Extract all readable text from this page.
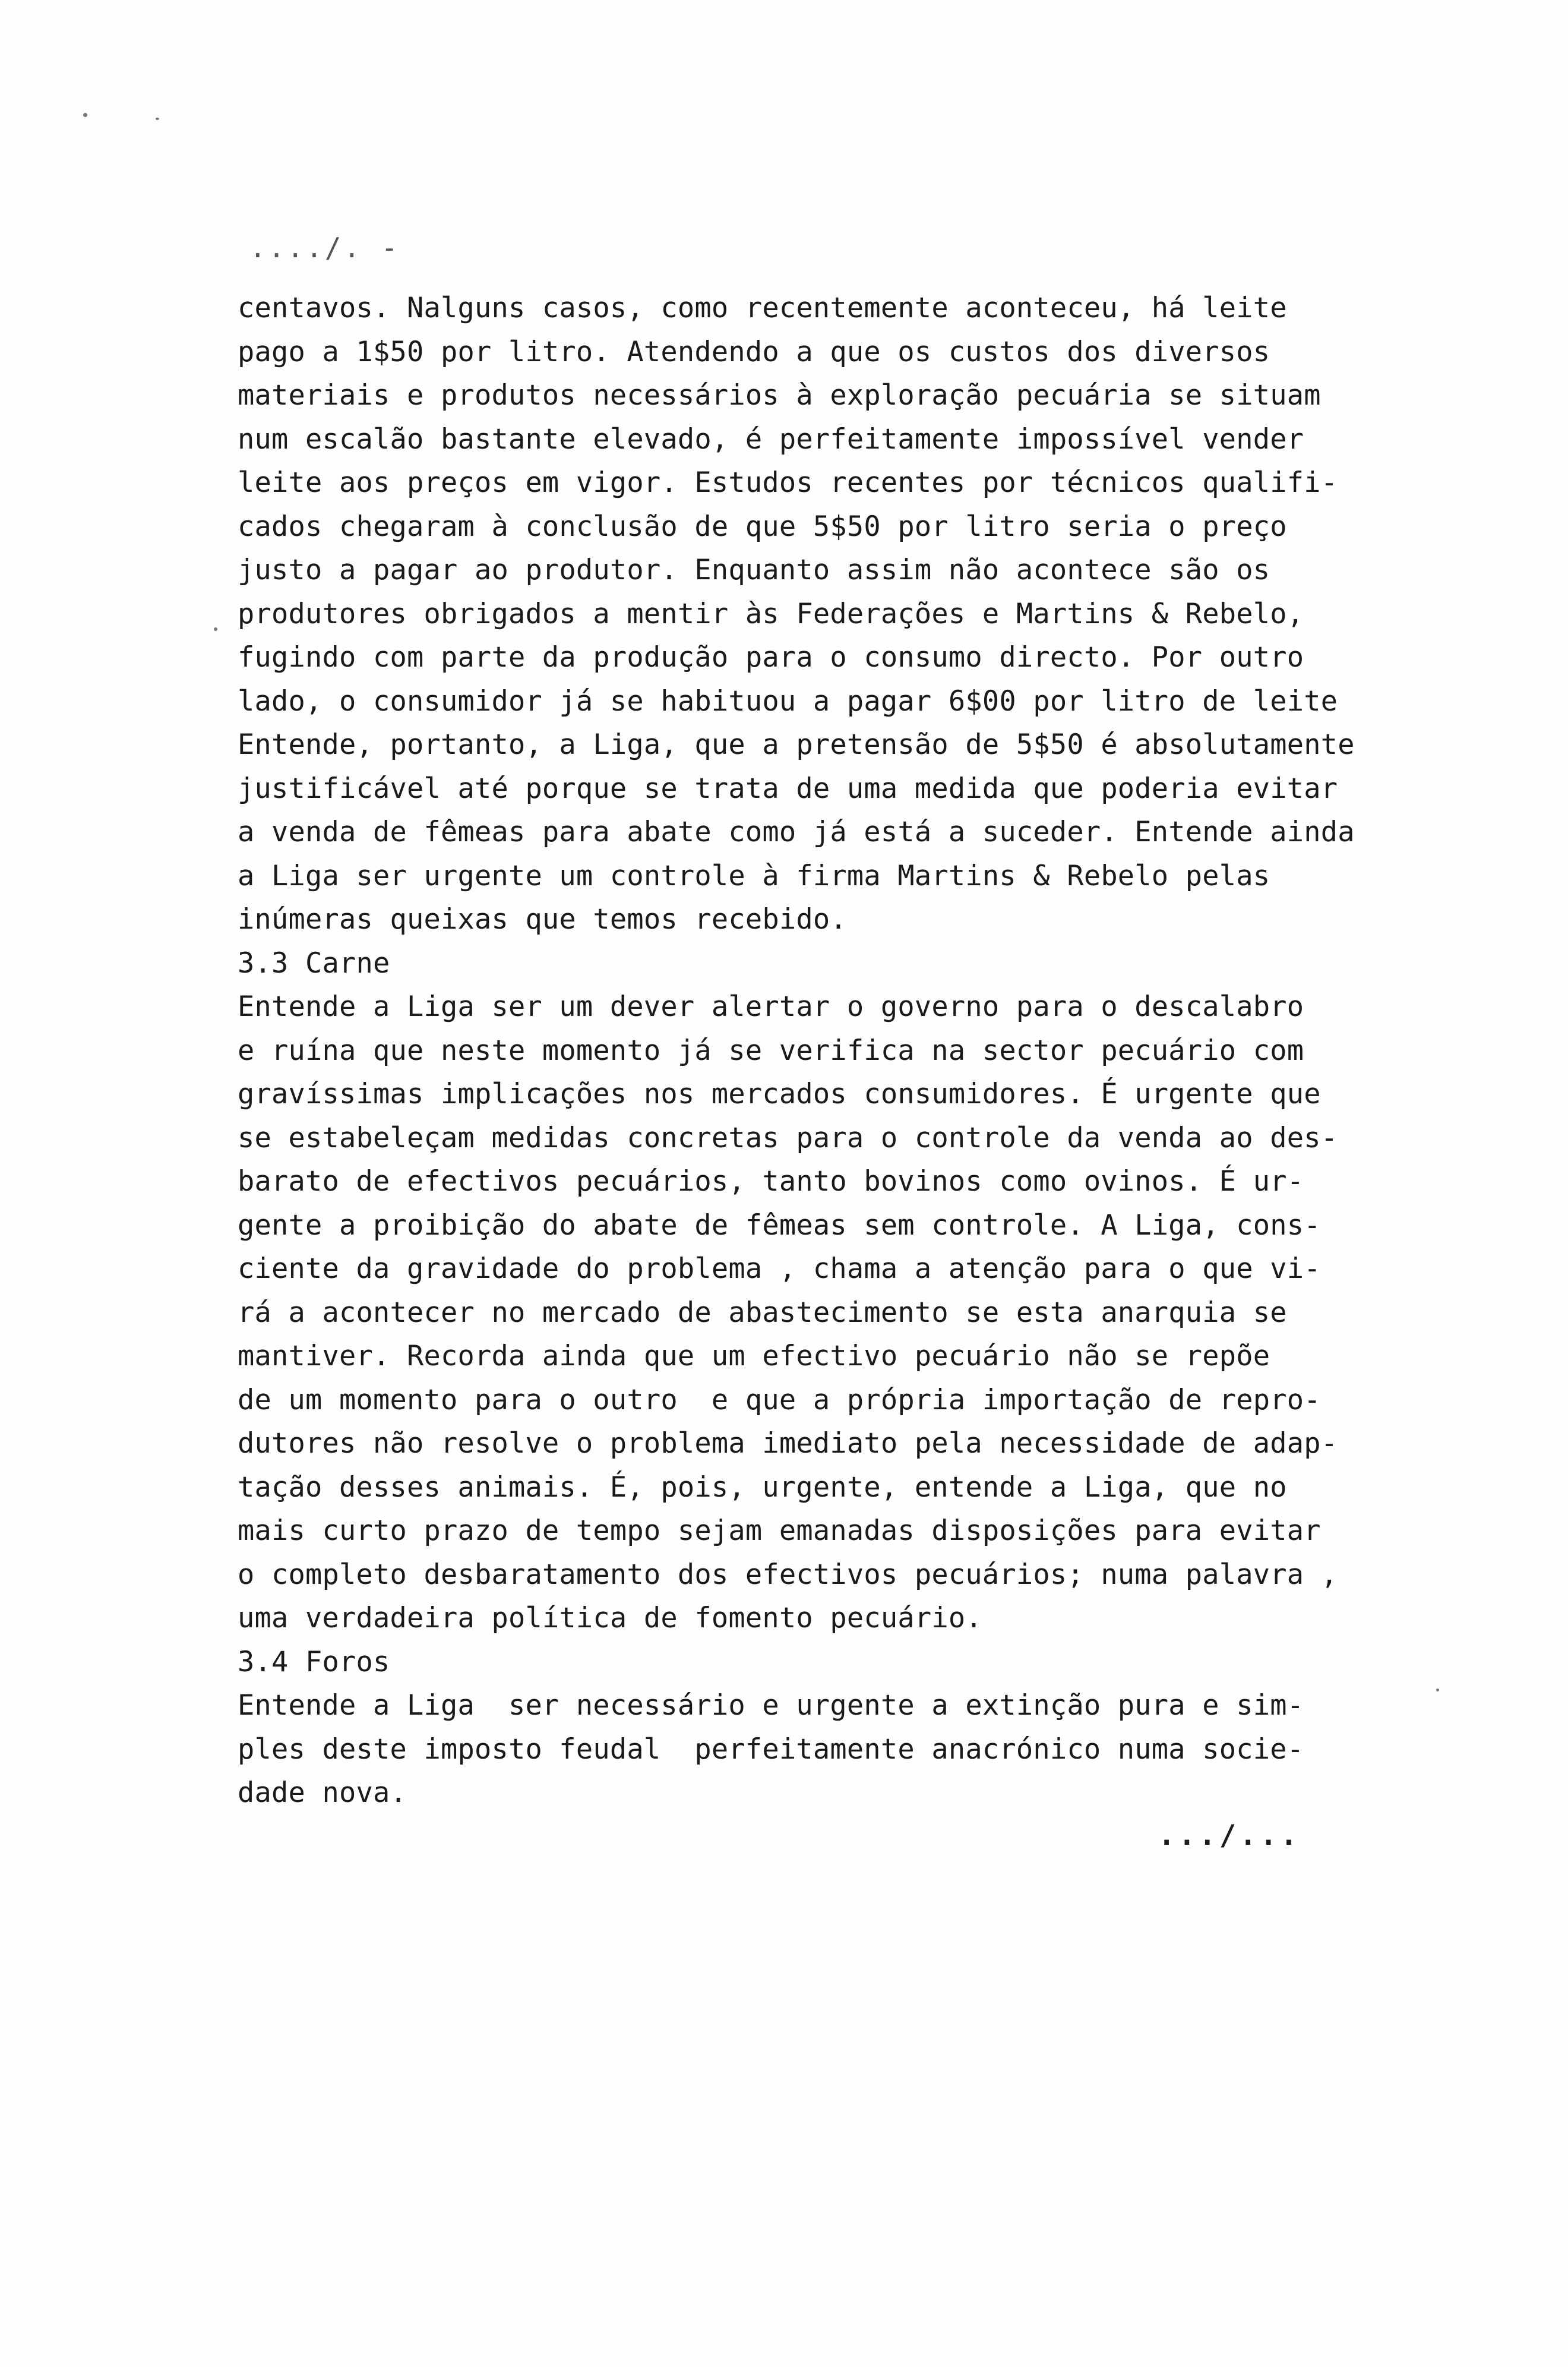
..../. -
centavos. Nalguns casos, como recentemente aconteceu, há leite
pago a 1$50 por litro. Atendendo a que os custos dos diversos
materiais e produtos necessários à exploração pecuária se situam
num escalão bastante elevado, é perfeitamente impossível vender
leite aos preços em vigor. Estudos recentes por técnicos qualifi-
cados chegaram à conclusão de que 5$50 por litro seria o preço
justo a pagar ao produtor. Enquanto assim não acontece são os
produtores obrigados a mentir às Federações e Martins & Rebelo,
fugindo com parte da produção para o consumo directo. Por outro
lado, o consumidor já se habituou a pagar 6$00 por litro de leite
Entende, portanto, a Liga, que a pretensão de 5$50 é absolutamente
justificável até porque se trata de uma medida que poderia evitar
a venda de fêmeas para abate como já está a suceder. Entende ainda
a Liga ser urgente um controle à firma Martins & Rebelo pelas
inúmeras queixas que temos recebido.
3.3 Carne
Entende a Liga ser um dever alertar o governo para o descalabro
e ruína que neste momento já se verifica na sector pecuário com
gravíssimas implicações nos mercados consumidores. É urgente que
se estabeleçam medidas concretas para o controle da venda ao des-
barato de efectivos pecuários, tanto bovinos como ovinos. É ur-
gente a proibição do abate de fêmeas sem controle. A Liga, cons-
ciente da gravidade do problema , chama a atenção para o que vi-
rá a acontecer no mercado de abastecimento se esta anarquia se
mantiver. Recorda ainda que um efectivo pecuário não se repõe
de um momento para o outro  e que a própria importação de repro-
dutores não resolve o problema imediato pela necessidade de adap-
tação desses animais. É, pois, urgente, entende a Liga, que no
mais curto prazo de tempo sejam emanadas disposições para evitar
o completo desbaratamento dos efectivos pecuários; numa palavra ,
uma verdadeira política de fomento pecuário.
3.4 Foros
Entende a Liga  ser necessário e urgente a extinção pura e sim-
ples deste imposto feudal  perfeitamente anacrónico numa socie-
dade nova.
.../...
